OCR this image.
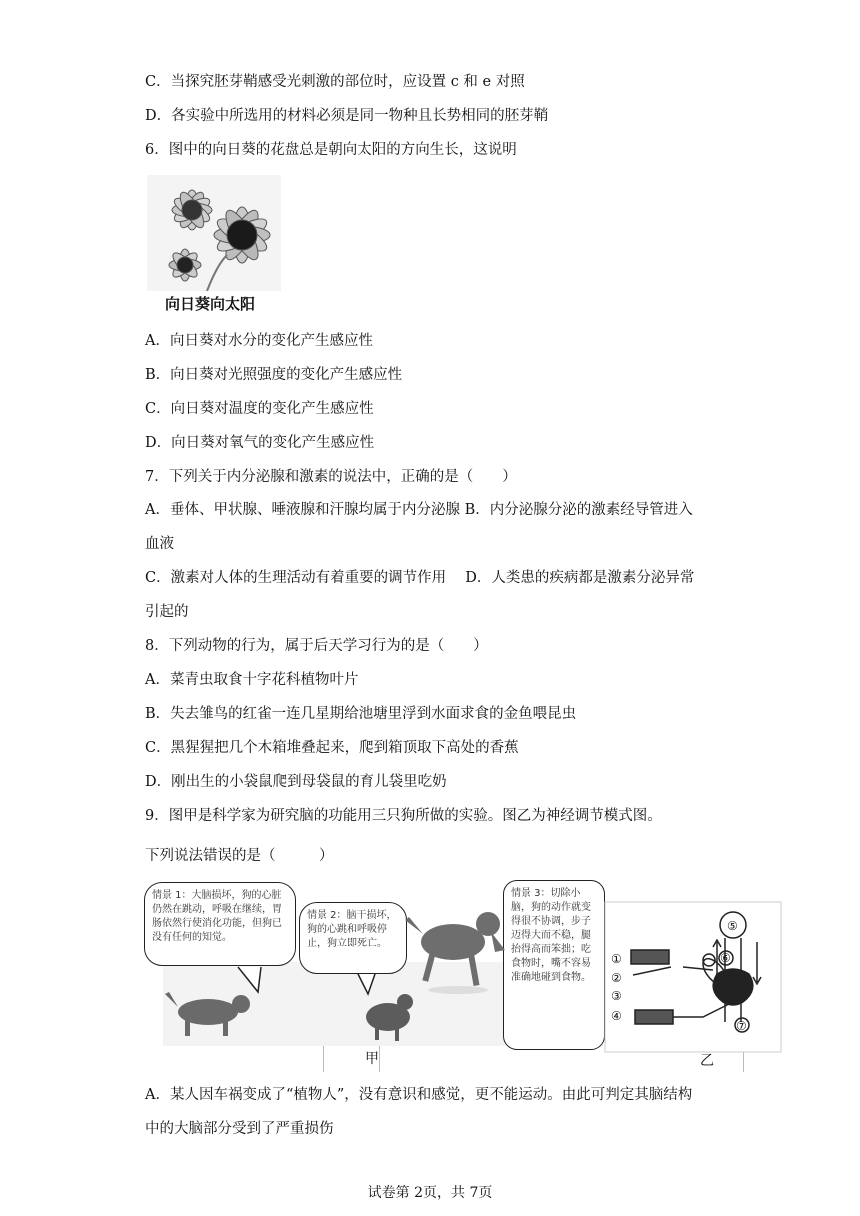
C．当探究胚芽鞘感受光刺激的部位时，应设置 c 和 e 对照
D．各实验中所选用的材料必须是同一物种且长势相同的胚芽鞘
6．图中的向日葵的花盘总是朝向太阳的方向生长，这说明
向日葵向太阳
A．向日葵对水分的变化产生感应性
B．向日葵对光照强度的变化产生感应性
C．向日葵对温度的变化产生感应性
D．向日葵对氧气的变化产生感应性
7．下列关于内分泌腺和激素的说法中，正确的是（　　）
A．垂体、甲状腺、唾液腺和汗腺均属于内分泌腺 B．内分泌腺分泌的激素经导管进入
血液
C．激素对人体的生理活动有着重要的调节作用　 D．人类患的疾病都是激素分泌异常
引起的
8．下列动物的行为，属于后天学习行为的是（　　）
A．菜青虫取食十字花科植物叶片
B．失去雏鸟的红雀一连几星期给池塘里浮到水面求食的金鱼喂昆虫
C．黑猩猩把几个木箱堆叠起来，爬到箱顶取下高处的香蕉
D．刚出生的小袋鼠爬到母袋鼠的育儿袋里吃奶
9．图甲是科学家为研究脑的功能用三只狗所做的实验。图乙为神经调节模式图。
下列说法错误的是（　　　）
情景 1：大脑损坏，狗的心脏仍然在跳动，呼吸在继续，胃肠依然行使消化功能，但狗已没有任何的知觉。
情景 2：脑干损坏，狗的心跳和呼吸停止，狗立即死亡。
情景 3：切除小脑，狗的动作就变得很不协调，步子迈得大而不稳，腿抬得高而笨拙；吃食物时，嘴不容易准确地碰到食物。
①
②
③
④
⑤
⑥
⑦
甲	乙
A．某人因车祸变成了“植物人”，没有意识和感觉，更不能运动。由此可判定其脑结构
中的大脑部分受到了严重损伤
试卷第 2页，共 7页
